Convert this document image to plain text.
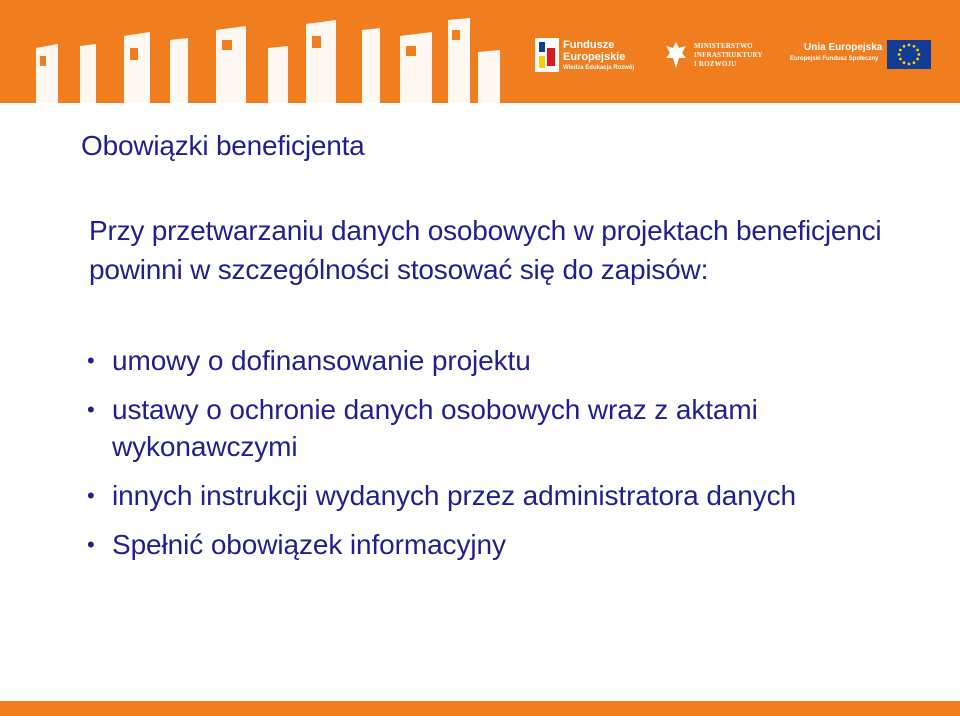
Fundusze
Europejskie
Wiedza Edukacja Rozwój
MINISTERSTWO
INFRASTRUKTURY
I ROZWOJU
Unia Europejska
Europejski Fundusz Społeczny
Obowiązki beneficjenta
Przy przetwarzaniu danych osobowych w projektach beneficjenci powinni w szczególności stosować się do zapisów:
• umowy o dofinansowanie projektu
• ustawy o ochronie danych osobowych wraz z aktami wykonawczymi
• innych instrukcji wydanych przez administratora danych
• Spełnić obowiązek informacyjny
